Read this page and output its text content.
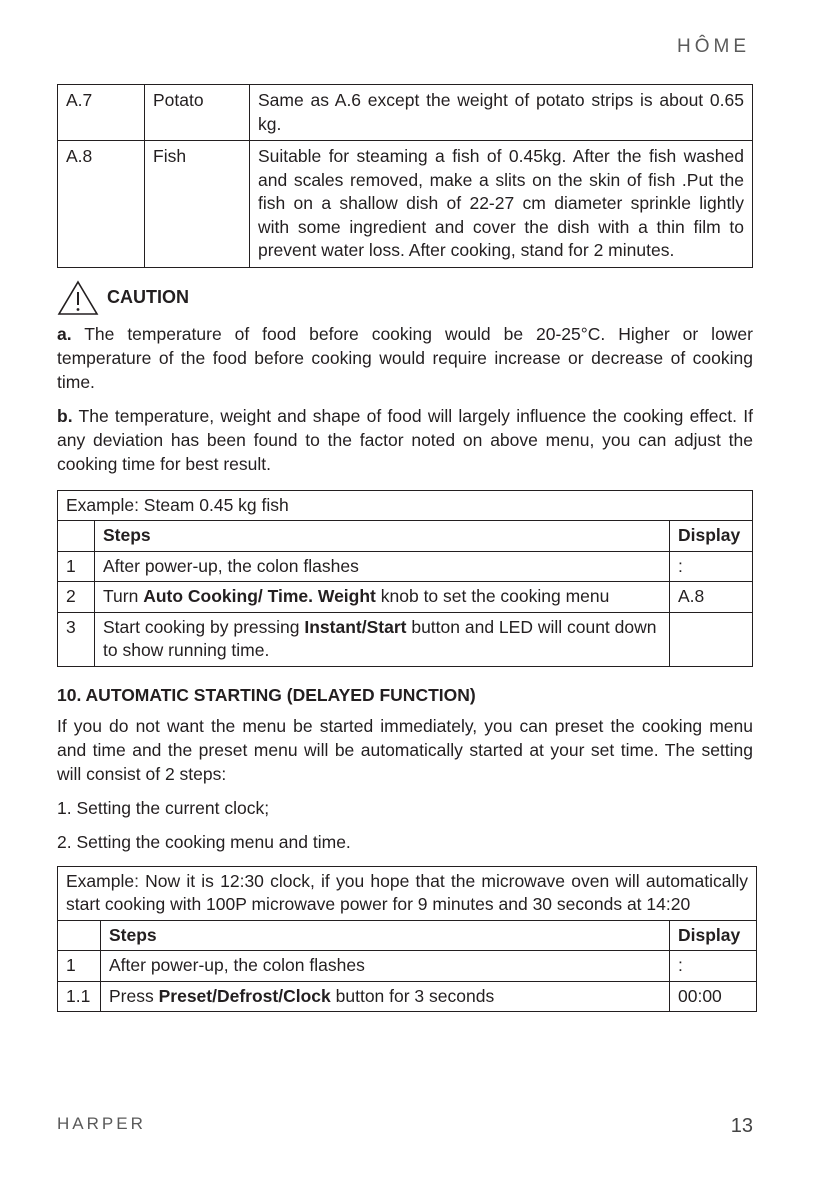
HÔME
A.7	Potato	Same as A.6 except the weight of potato strips is about 0.65 kg.
A.8	Fish	Suitable for steaming a fish of 0.45kg. After the fish washed and scales removed, make a slits on the skin of fish .Put the fish on a shallow dish of 22-27 cm diameter sprinkle lightly with some ingredient and cover the dish with a thin film to prevent water loss. After cooking, stand for 2 minutes.
CAUTION

a. The temperature of food before cooking would be 20-25°C. Higher or lower temperature of the food before cooking would require increase or decrease of cooking time.

b. The temperature, weight and shape of food will largely influence the cooking effect. If any deviation has been found to the factor noted on above menu, you can adjust the cooking time for best result.

Example: Steam 0.45 kg fish		
	Steps	Display
1	After power-up, the colon flashes	:
2	Turn Auto Cooking/ Time. Weight knob to set the cooking menu	A.8
3	Start cooking by pressing Instant/Start button and LED will count down to show running time.	
10. AUTOMATIC STARTING (DELAYED FUNCTION)

If you do not want the menu be started immediately, you can preset the cooking menu and time and the preset menu will be automatically started at your set time. The setting will consist of 2 steps:

1. Setting the current clock;

2. Setting the cooking menu and time.

Example: Now it is 12:30 clock, if you hope that the microwave oven will automatically start cooking with 100P microwave power for 9 minutes and 30 seconds at 14:20		
	Steps	Display
1	After power-up, the colon flashes	:
1.1	Press Preset/Defrost/Clock button for 3 seconds	00:00
HARPER	13
